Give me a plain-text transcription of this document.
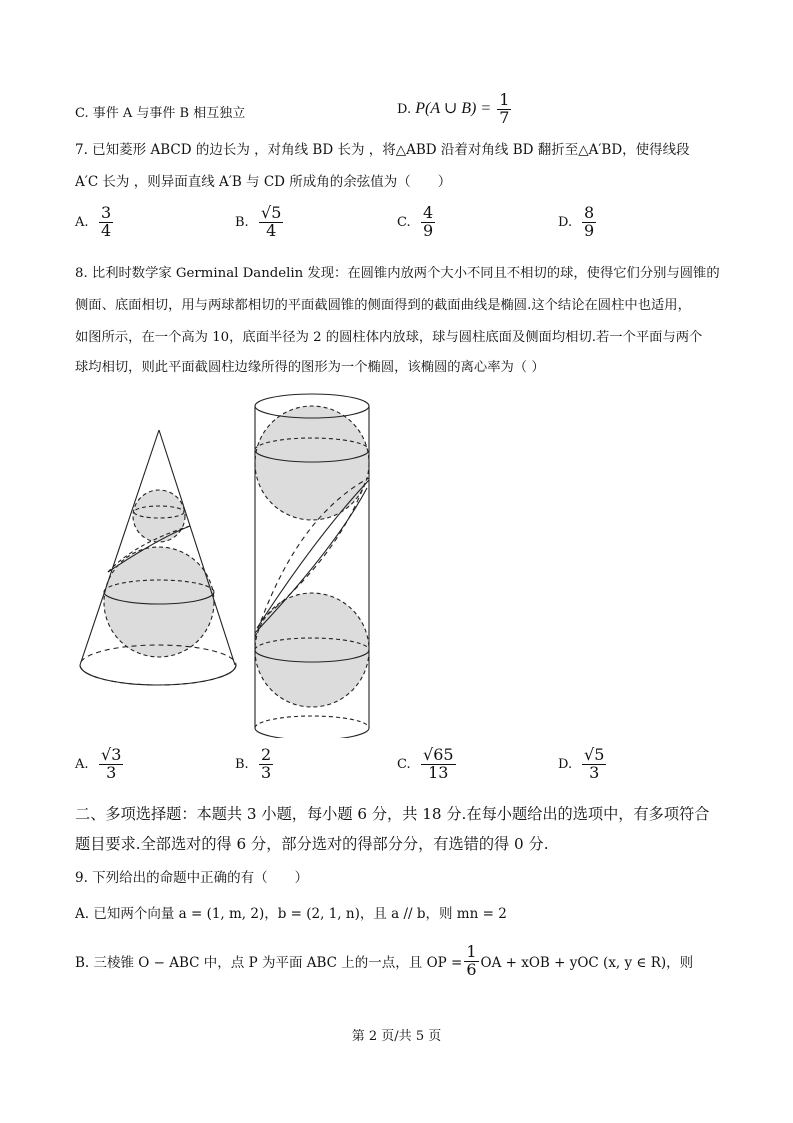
C. 事件 A 与事件 B 相互独立	D. P(A ∪ $B) = \frac{1}{7}$
7. 已知菱形 ABCD 的边长为 ，对角线 BD 长为 ，将△ABD 沿着对角线 BD 翻折至△A′BD，使得线段
A′C 长为 ，则异面直线 A′B 与 CD 所成角的余弦值为（　　）
A. $\frac{3}{4}$	B. $\frac{√5}{4}$	C. $\frac{4}{9}$	D. $\frac{8}{9}$
8. 比利时数学家 Germinal Dandelin 发现：在圆锥内放两个大小不同且不相切的球，使得它们分别与圆锥的
侧面、底面相切，用与两球都相切的平面截圆锥的侧面得到的截面曲线是椭圆.这个结论在圆柱中也适用，
如图所示，在一个高为 10，底面半径为 2 的圆柱体内放球，球与圆柱底面及侧面均相切.若一个平面与两个
球均相切，则此平面截圆柱边缘所得的图形为一个椭圆，该椭圆的离心率为（ ）
A. $\frac{√3}{3}$	B. $\frac{2}{3}$	C. $\frac{√65}{13}$	D. $\frac{√5}{3}$
二、多项选择题：本题共 3 小题，每小题 6 分，共 18 分.在每小题给出的选项中，有多项符合
题目要求.全部选对的得 6 分，部分选对的得部分分，有选错的得 0 分.
9. 下列给出的命题中正确的有（　　）
A. 已知两个向量 a = (1, m, 2)，b = (2, 1, n)，且 a // b，则 mn = 2
B. 三棱锥 O − ABC 中，点 P 为平面 ABC 上的一点，且 OP = $\frac{1}{6}$ OA + xOB + yOC (x, y ∈ R)，则
第 2 页/共 5 页
